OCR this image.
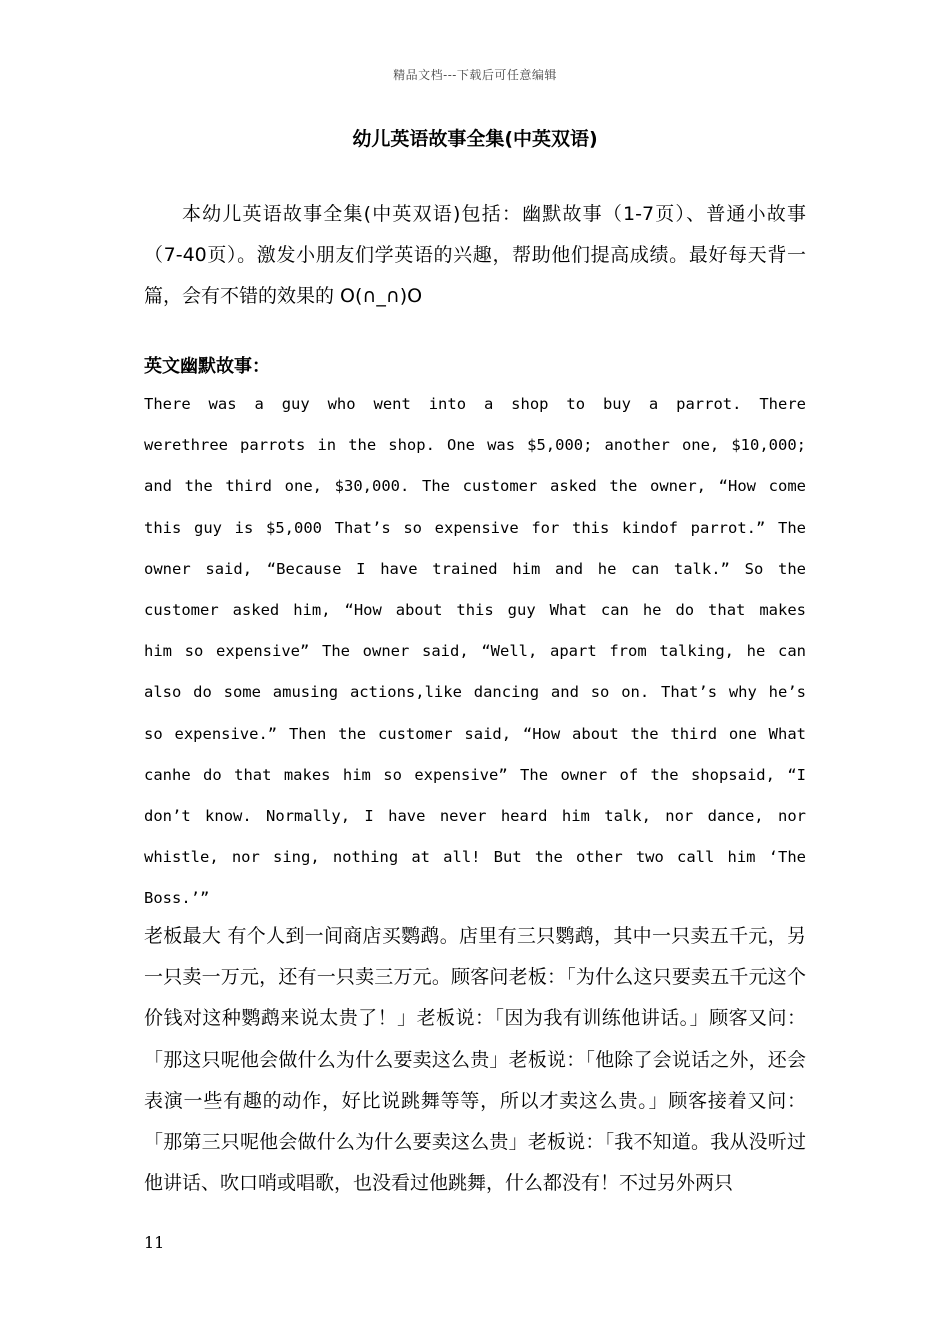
精品文档---下载后可任意编辑
幼儿英语故事全集(中英双语)
本幼儿英语故事全集(中英双语)包括：幽默故事（1-7页）、普通小故事（7-40页）。激发小朋友们学英语的兴趣，帮助他们提高成绩。最好每天背一篇，会有不错的效果的 O(∩_∩)O
英文幽默故事：
There was a guy who went into a shop to buy a parrot. There werethree parrots in the shop. One was $5,000; another one, $10,000; and the third one, $30,000. The customer asked the owner, “How come this guy is $5,000 That’s so expensive for this kindof parrot.” The owner said, “Because I have trained him and he can talk.” So the customer asked him, “How about this guy What can he do that makes him so expensive” The owner said, “Well, apart from talking, he can also do some amusing actions,like dancing and so on. That’s why he’s so expensive.” Then the customer said, “How about the third one What canhe do that makes him so expensive” The owner of the shopsaid, “I don’t know. Normally, I have never heard him talk, nor dance, nor whistle, nor sing, nothing at all! But the other two call him ‘The Boss.’”
老板最大 有个人到一间商店买鹦鹉。店里有三只鹦鹉，其中一只卖五千元，另一只卖一万元，还有一只卖三万元。顾客问老板：「为什么这只要卖五千元这个价钱对这种鹦鹉来说太贵了！」老板说：「因为我有训练他讲话。」顾客又问：「那这只呢他会做什么为什么要卖这么贵」老板说：「他除了会说话之外，还会表演一些有趣的动作，好比说跳舞等等，所以才卖这么贵。」顾客接着又问：「那第三只呢他会做什么为什么要卖这么贵」老板说：「我不知道。我从没听过他讲话、吹口哨或唱歌，也没看过他跳舞，什么都没有！不过另外两只
11
